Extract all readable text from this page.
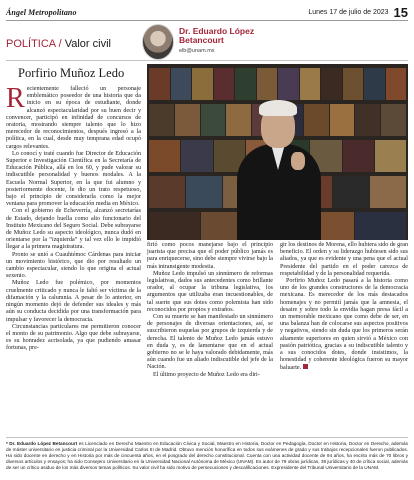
Ángel Metropolitano	Lunes 17 de julio de 2023 15
POLÍTICA / Valor civil
Dr. Eduardo López
Betancourt
elb@unam.mx
Porfirio Muñoz Ledo

Recientemente falleció un personaje emblemático poseedor de una historia que da inicio en su época de estudiante, donde alcanzó espectacularidad por su buen decir y convencer, participó en infinidad de concursos de oratoria, mostrando siempre talento que lo hizo merecedor de reconocimientos, después ingresó a la política, en la cual, desde muy temprana edad ocupó cargos relevantes.

Lo conocí y traté cuando fue Director de Educación Superior e Investigación Científica en la Secretaría de Educación Pública, allá en los 60, y pude valorar su indiscutible personalidad y buenos modales. A la Escuela Normal Superior, en la que fui alumno y posteriormente docente, le dio un trato respetuoso, bajo el principio de considerarla como la mejor ventana para promover la educación media en México.

Con el gobierno de Echeverría, alcanzó secretarías de Estado, dejando huella como alto funcionario del Instituto Mexicano del Seguro Social. Debe subrayarse de Muñoz Ledo su aspecto ideológico, nunca dudó en orientarse por la “izquierda” y tal vez ello le impidió llegar a la primera magistratura.

Pronto se unió a Cuauhtémoc Cárdenas para iniciar un movimiento histórico, que dio por resultado un cambio espectacular, siendo lo que origina el actual sexenio.

Muñoz Ledo fue polémico, por momentos cruelmente criticado y nunca le faltó ser víctima de la difamación y la calumnia. A pesar de lo anterior, en ningún momento dejó de defender sus ideales y más aún su conducta decidida por una transformación para impulsar y favorecer la democracia.

Circunstancias particulares me permitieron conocer el monto de su patrimonio. Algo que debe subrayarse, es su honradez acrisolada, ya que pudiendo amasar fortunas, pre-

firió como pocos manejarse bajo el principio juarista que precisa que el poder público jamás es para enriquecerse, sino debe siempre vivirse bajo la más intransigente modestia.

Muñoz Ledo impulsó un sinnúmero de reformas legislativas, dados sus antecedentes como brillante orador, al ocupar la tribuna legislativa, los argumentos que utilizaba eran incuestionables, de tal suerte que sus dotes como polemista han sido reconocidos por propios y extraños.

Con su muerte se han manifestado un sinnúmero de personajes de diversas orientaciones, así, se suscribieron esquelas por grupos de izquierda y de derecha. El talento de Muñoz Ledo jamás estuvo en duda y, es de lamentarse que en el actual gobierno no se le haya valorado debidamente, más aún cuando fue un aliado indiscutible del jefe de la Nación.

El último proyecto de Muñoz Ledo era diri-

gir los destinos de Morena, ello hubiera sido de gran beneficio. El orden y su liderazgo hubiesen sido sus aliados, ya que es evidente y una pena que el actual Presidente del partido en el poder carezca de respetabilidad y de la personalidad requerida.

Porfirio Muñoz Ledo pasará a la historia como uno de los grandes constructores de la democracia mexicana. Es merecedor de los más destacados homenajes y no permití jamás que la amnesia, el desaire y sobre todo la envidia hagan presa fácil a un memorable mexicano que como debe de ser, en una balanza han de colocarse sus aspectos positivos y negativos, siendo sin duda que los primeros serán altamente superiores en quien sirvió a México con pasión patriótica, gracias a su indiscutible talento y a sus conocidos dotes, donde insistimos, la honestidad y coherente ideológica fueron su mayor baluarte.

* Dr. Eduardo López Betancourt es Licenciado en Derecho Maestro en Educación Cívica y Social, Maestro en Historia, Doctor en Pedagogía, Doctor en Historia, Doctor en Derecho, además de máster universitario en justicia criminal por la Universidad Carlos III de Madrid. Obtuvo mención honorífica en todos sus exámenes de grado y sus trabajos recepcionales fueron publicados. Ha sido docente en derecho y en Historia por más de cincuenta años, en el posgrado del derecho constitucional. Cuenta con una actividad docente de 94 años, ha escrito más de 70 libros y diversos artículos y ensayos; ha sido Consejero Universitario en la Universidad Nacional Autónoma de México (UNAM). Es autor de 79 obras jurídicas, 39 jurídicas y 40 de crítica social, además de ser un crítico asiduo de los más diversos temas políticos. Su valor civil ha sido motivo de persecuciones y descalificaciones. Expresidente del Tribunal Universitario de la UNAM.
